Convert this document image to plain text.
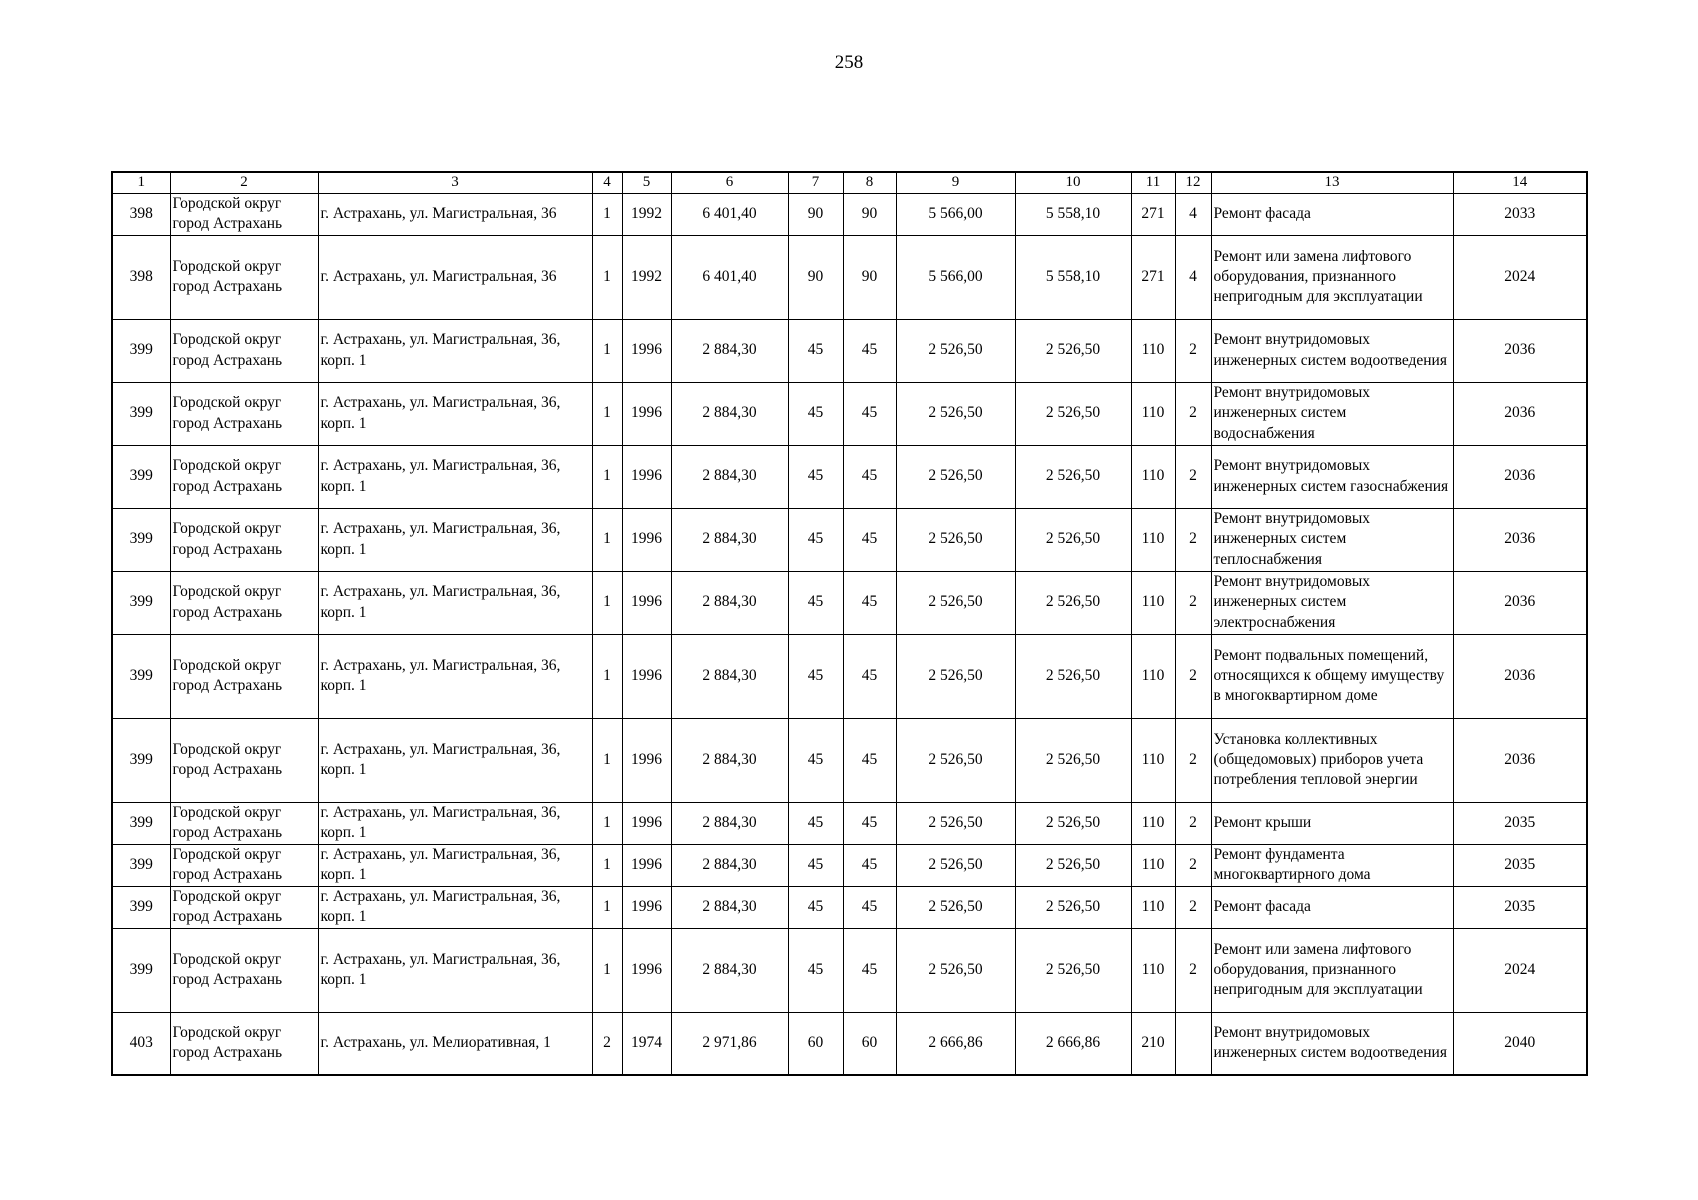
258
1	2	3	4	5	6	7	8	9	10	11	12	13	14
398	Городской округ город Астрахань	г. Астрахань, ул. Магистральная, 36	1	1992	6 401,40	90	90	5 566,00	5 558,10	271	4	Ремонт фасада	2033
398	Городской округ город Астрахань	г. Астрахань, ул. Магистральная, 36	1	1992	6 401,40	90	90	5 566,00	5 558,10	271	4	Ремонт или замена лифтового оборудования, признанного непригодным для эксплуатации	2024
399	Городской округ город Астрахань	г. Астрахань, ул. Магистральная, 36, корп. 1	1	1996	2 884,30	45	45	2 526,50	2 526,50	110	2	Ремонт внутридомовых инженерных систем водоотведения	2036
399	Городской округ город Астрахань	г. Астрахань, ул. Магистральная, 36, корп. 1	1	1996	2 884,30	45	45	2 526,50	2 526,50	110	2	Ремонт внутридомовых инженерных систем водоснабжения	2036
399	Городской округ город Астрахань	г. Астрахань, ул. Магистральная, 36, корп. 1	1	1996	2 884,30	45	45	2 526,50	2 526,50	110	2	Ремонт внутридомовых инженерных систем газоснабжения	2036
399	Городской округ город Астрахань	г. Астрахань, ул. Магистральная, 36, корп. 1	1	1996	2 884,30	45	45	2 526,50	2 526,50	110	2	Ремонт внутридомовых инженерных систем теплоснабжения	2036
399	Городской округ город Астрахань	г. Астрахань, ул. Магистральная, 36, корп. 1	1	1996	2 884,30	45	45	2 526,50	2 526,50	110	2	Ремонт внутридомовых инженерных систем электроснабжения	2036
399	Городской округ город Астрахань	г. Астрахань, ул. Магистральная, 36, корп. 1	1	1996	2 884,30	45	45	2 526,50	2 526,50	110	2	Ремонт подвальных помещений, относящихся к общему имуществу в многоквартирном доме	2036
399	Городской округ город Астрахань	г. Астрахань, ул. Магистральная, 36, корп. 1	1	1996	2 884,30	45	45	2 526,50	2 526,50	110	2	Установка коллективных (общедомовых) приборов учета потребления тепловой энергии	2036
399	Городской округ город Астрахань	г. Астрахань, ул. Магистральная, 36, корп. 1	1	1996	2 884,30	45	45	2 526,50	2 526,50	110	2	Ремонт крыши	2035
399	Городской округ город Астрахань	г. Астрахань, ул. Магистральная, 36, корп. 1	1	1996	2 884,30	45	45	2 526,50	2 526,50	110	2	Ремонт фундамента многоквартирного дома	2035
399	Городской округ город Астрахань	г. Астрахань, ул. Магистральная, 36, корп. 1	1	1996	2 884,30	45	45	2 526,50	2 526,50	110	2	Ремонт фасада	2035
399	Городской округ город Астрахань	г. Астрахань, ул. Магистральная, 36, корп. 1	1	1996	2 884,30	45	45	2 526,50	2 526,50	110	2	Ремонт или замена лифтового оборудования, признанного непригодным для эксплуатации	2024
403	Городской округ город Астрахань	г. Астрахань, ул. Мелиоративная, 1	2	1974	2 971,86	60	60	2 666,86	2 666,86	210		Ремонт внутридомовых инженерных систем водоотведения	2040
